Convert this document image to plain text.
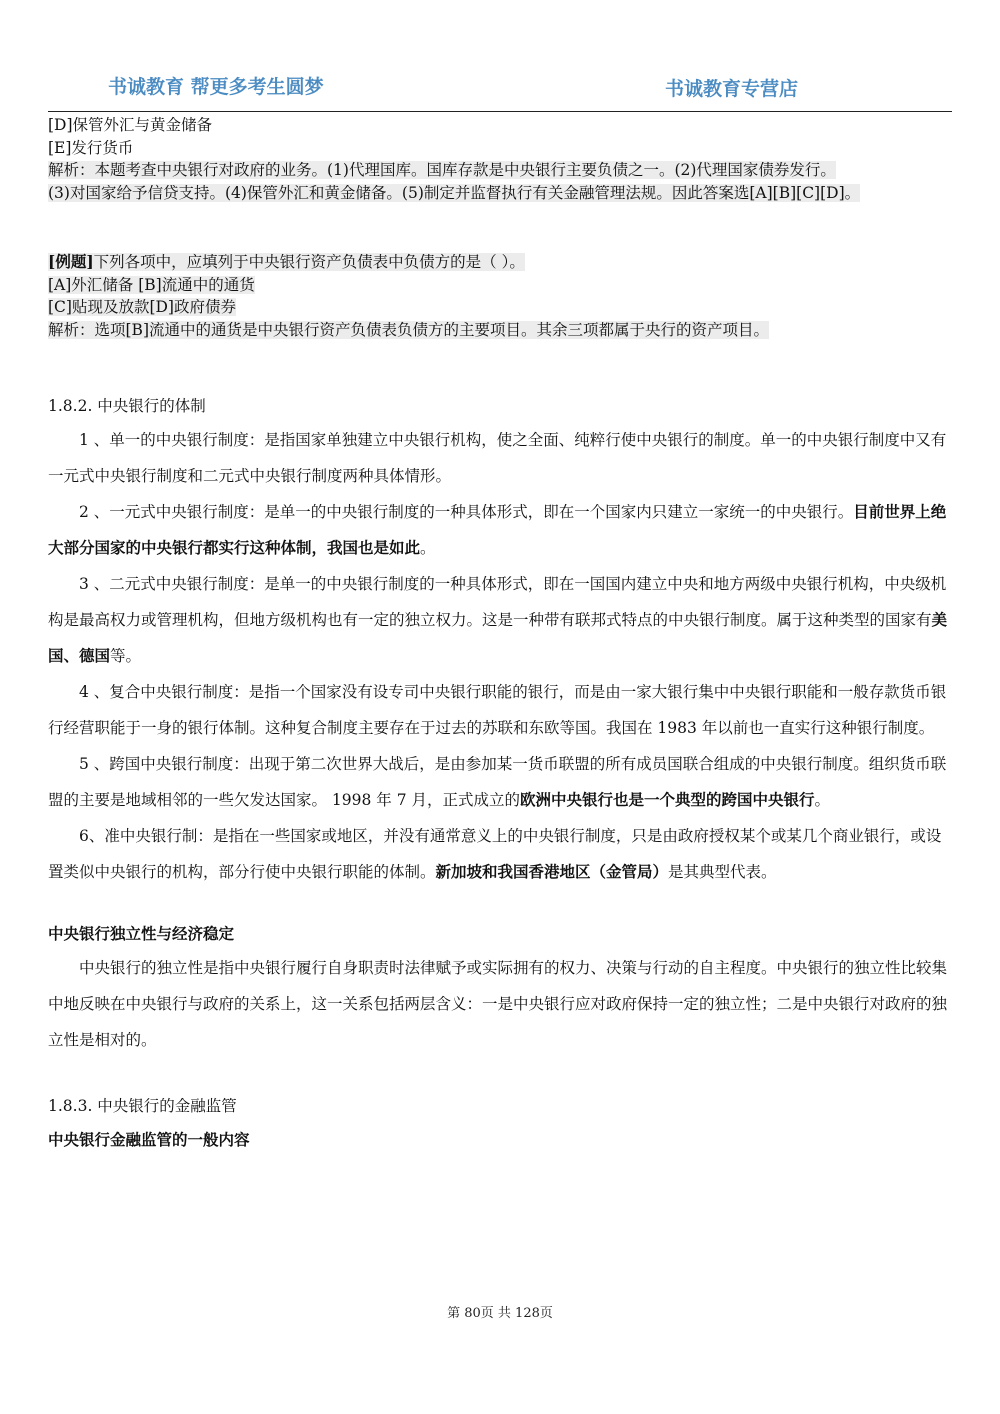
书诚教育 帮更多考生圆梦	书诚教育专营店
[D]保管外汇与黄金储备
[E]发行货币
解析：本题考查中央银行对政府的业务。(1)代理国库。国库存款是中央银行主要负债之一。(2)代理国家债券发行。
(3)对国家给予信贷支持。(4)保管外汇和黄金储备。(5)制定并监督执行有关金融管理法规。因此答案选[A][B][C][D]。
[例题]下列各项中，应填列于中央银行资产负债表中负债方的是（ ）。
[A]外汇储备 [B]流通中的通货
[C]贴现及放款[D]政府债券
解析：选项[B]流通中的通货是中央银行资产负债表负债方的主要项目。其余三项都属于央行的资产项目。
1.8.2. 中央银行的体制
1 、单一的中央银行制度：是指国家单独建立中央银行机构，使之全面、纯粹行使中央银行的制度。单一的中央银行制度中又有一元式中央银行制度和二元式中央银行制度两种具体情形。
2 、一元式中央银行制度：是单一的中央银行制度的一种具体形式，即在一个国家内只建立一家统一的中央银行。目前世界上绝大部分国家的中央银行都实行这种体制，我国也是如此。
3 、二元式中央银行制度：是单一的中央银行制度的一种具体形式，即在一国国内建立中央和地方两级中央银行机构，中央级机构是最高权力或管理机构，但地方级机构也有一定的独立权力。这是一种带有联邦式特点的中央银行制度。属于这种类型的国家有美国、德国等。
4 、复合中央银行制度：是指一个国家没有设专司中央银行职能的银行，而是由一家大银行集中中央银行职能和一般存款货币银行经营职能于一身的银行体制。这种复合制度主要存在于过去的苏联和东欧等国。我国在 1983 年以前也一直实行这种银行制度。
5 、跨国中央银行制度：出现于第二次世界大战后，是由参加某一货币联盟的所有成员国联合组成的中央银行制度。组织货币联盟的主要是地域相邻的一些欠发达国家。 1998 年 7 月，正式成立的欧洲中央银行也是一个典型的跨国中央银行。
6、准中央银行制：是指在一些国家或地区，并没有通常意义上的中央银行制度，只是由政府授权某个或某几个商业银行，或设置类似中央银行的机构，部分行使中央银行职能的体制。新加坡和我国香港地区（金管局）是其典型代表。
中央银行独立性与经济稳定
中央银行的独立性是指中央银行履行自身职责时法律赋予或实际拥有的权力、决策与行动的自主程度。中央银行的独立性比较集中地反映在中央银行与政府的关系上，这一关系包括两层含义：一是中央银行应对政府保持一定的独立性；二是中央银行对政府的独立性是相对的。
1.8.3. 中央银行的金融监管
中央银行金融监管的一般内容
第 80页 共 128页
